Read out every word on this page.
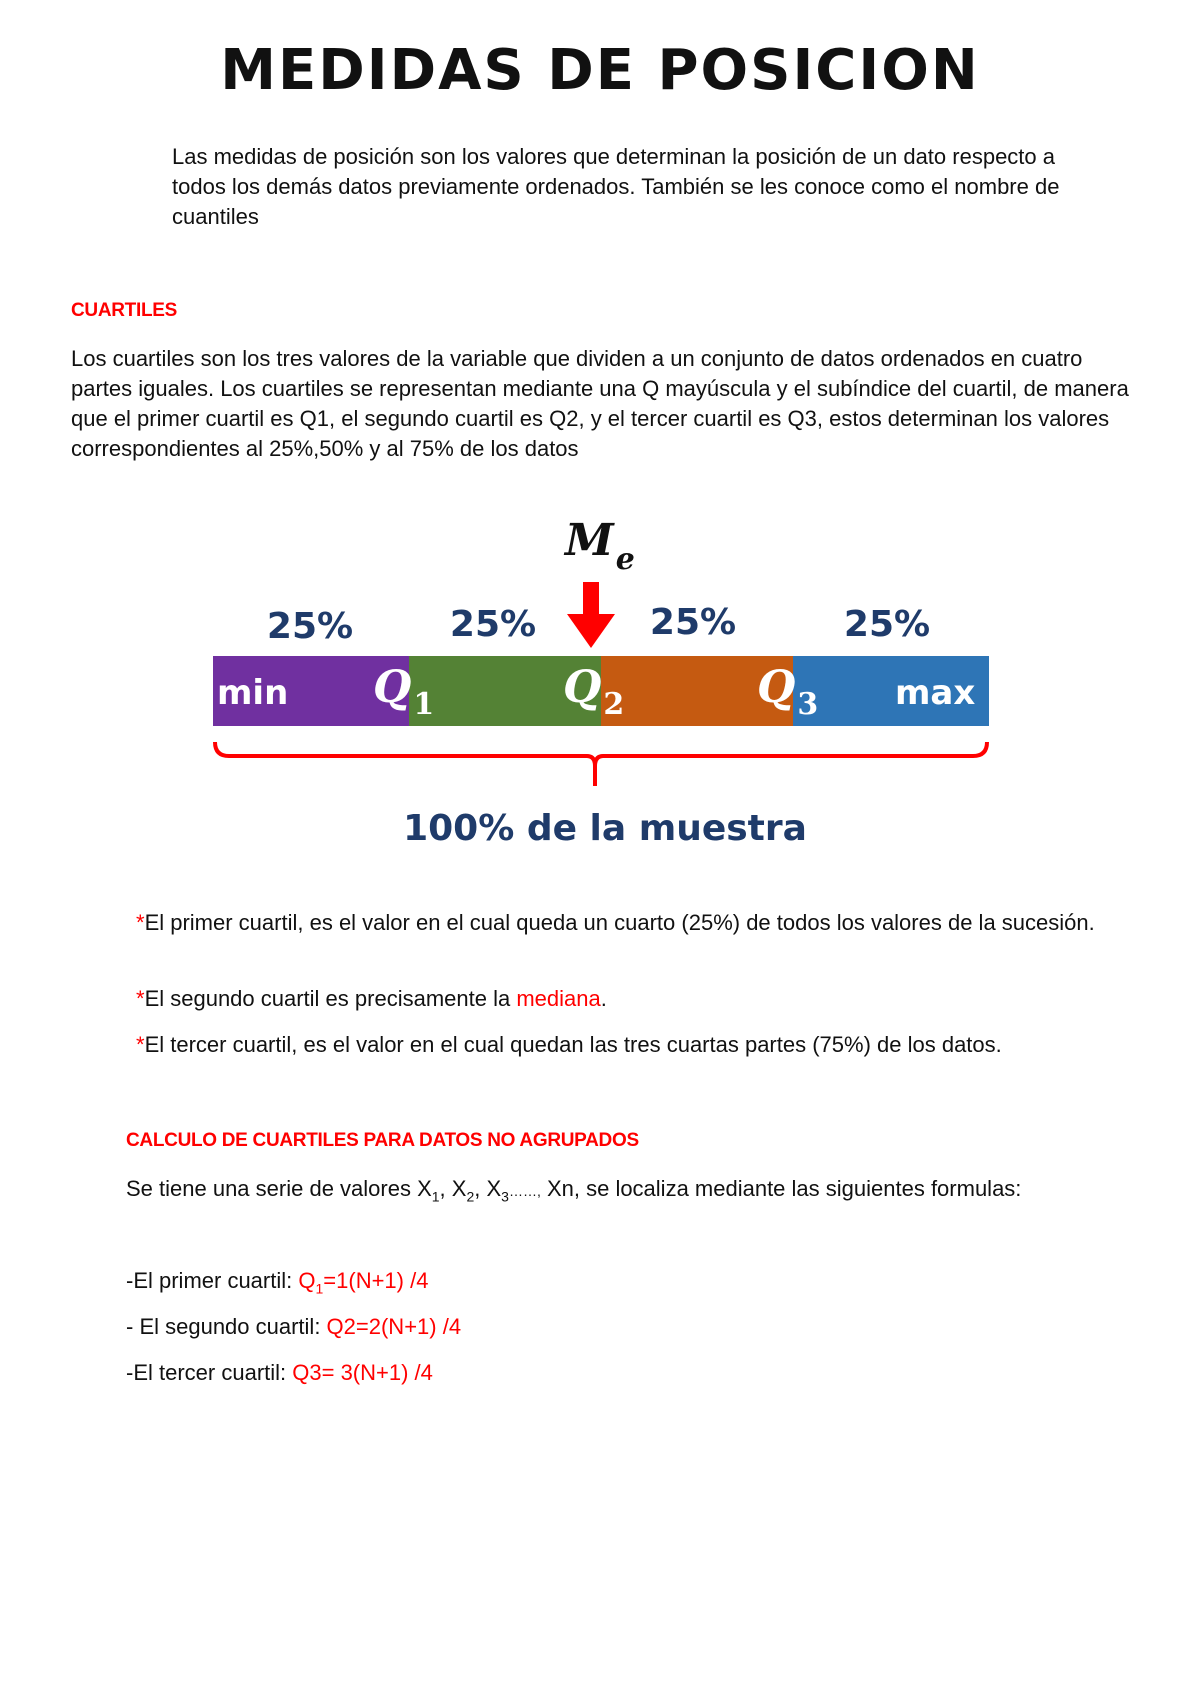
MEDIDAS DE POSICION

Las medidas de posición son los valores que determinan la posición de un dato respecto a todos los demás datos previamente ordenados. También se les conoce como el nombre de cuantiles

CUARTILES

Los cuartiles son los tres valores de la variable que dividen a un conjunto de datos ordenados en cuatro partes iguales. Los cuartiles se representan mediante una Q mayúscula y el subíndice del cuartil, de manera que el primer cuartil es Q1, el segundo cuartil es Q2, y el tercer cuartil es Q3, estos determinan los valores correspondientes al 25%,50% y al 75% de los datos

$M_e$
25%	25%	25%	25%
min	max
$Q_1$	$Q_2$	$Q_3$
100% de la muestra

*El primer cuartil, es el valor en el cual queda un cuarto (25%) de todos los valores de la sucesión.

*El segundo cuartil es precisamente la mediana.

*El tercer cuartil, es el valor en el cual quedan las tres cuartas partes (75%) de los datos.

CALCULO DE CUARTILES PARA DATOS NO AGRUPADOS

Se tiene una serie de valores $X_1$, $X_2$, $X_3\dots\dots$, Xn, se localiza mediante las siguientes formulas:

-El primer cuartil: $Q_1=1(N+1)$ /4

- El segundo cuartil: Q2=2(N+1) /4

-El tercer cuartil: Q3= 3(N+1) /4
